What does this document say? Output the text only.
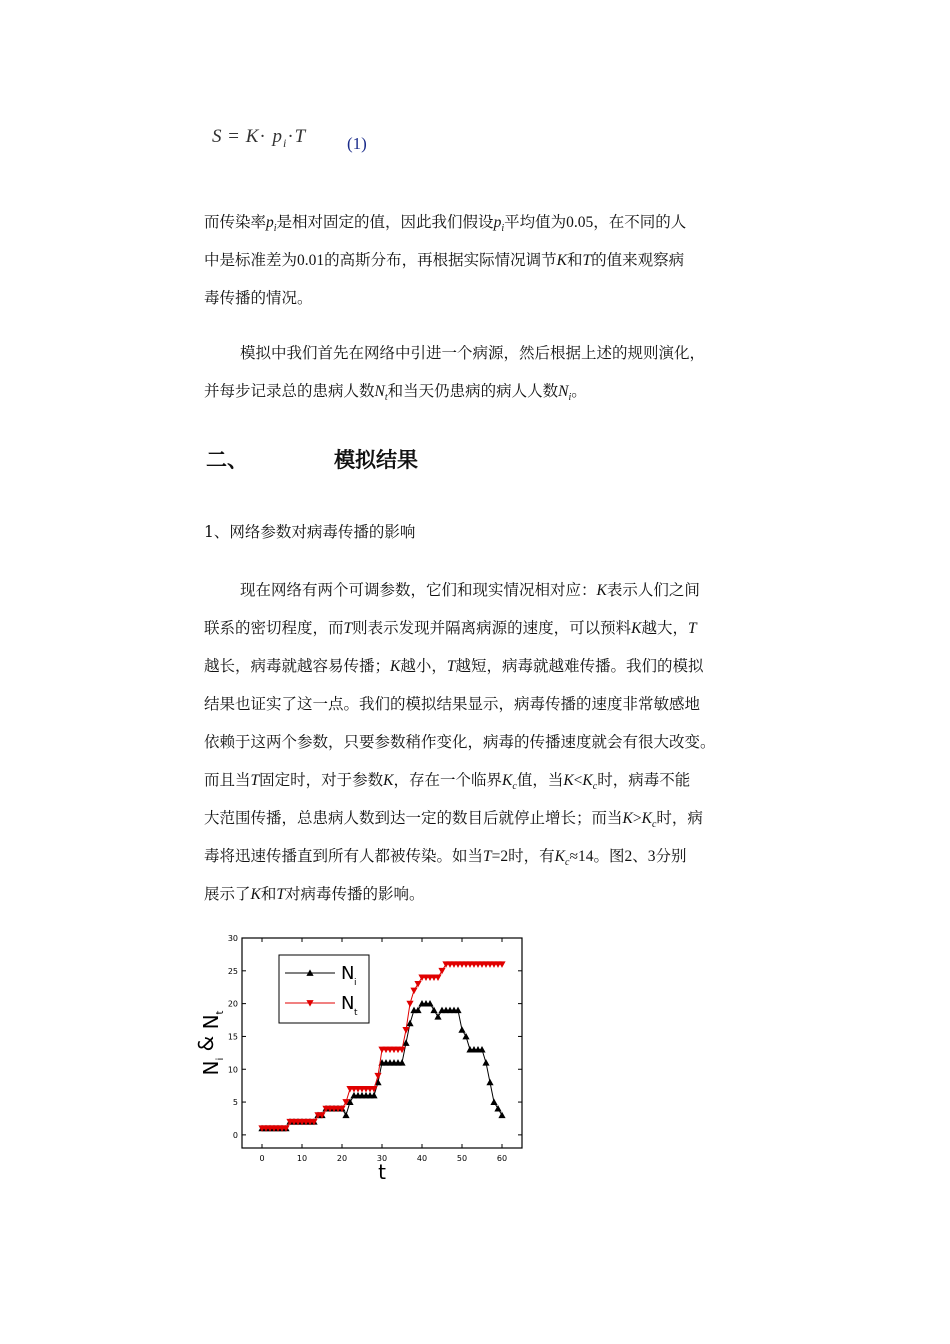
$S = K\cdot p_i\cdot T$ (1)
而传染率$p_i$是相对固定的值，因此我们假设$p_i$平均值为0.05，在不同的人
中是标准差为0.01的高斯分布，再根据实际情况调节K和T的值来观察病
毒传播的情况。
模拟中我们首先在网络中引进一个病源，然后根据上述的规则演化，
并每步记录总的患病人数$N_t$和当天仍患病的病人人数$N_i$。
二、	模拟结果
1、网络参数对病毒传播的影响
现在网络有两个可调参数，它们和现实情况相对应：K表示人们之间
联系的密切程度，而T则表示发现并隔离病源的速度，可以预料K越大，T
越长，病毒就越容易传播；K越小，T越短，病毒就越难传播。我们的模拟
结果也证实了这一点。我们的模拟结果显示，病毒传播的速度非常敏感地
依赖于这两个参数，只要参数稍作变化，病毒的传播速度就会有很大改变。
而且当T固定时，对于参数K，存在一个临界$K_c$值，当$K<K_c$时，病毒不能
大范围传播，总患病人数到达一定的数目后就停止增长；而当$K>K_c$时，病
毒将迅速传播直到所有人都被传染。如当T=2时，有$K_c\approx 14$。图2、3分别
展示了K和T对病毒传播的影响。
0	10	20	30	40	50	60
0
5
10
15
20
25
30
t
$N_i$ & $N_t$
N i
N t
